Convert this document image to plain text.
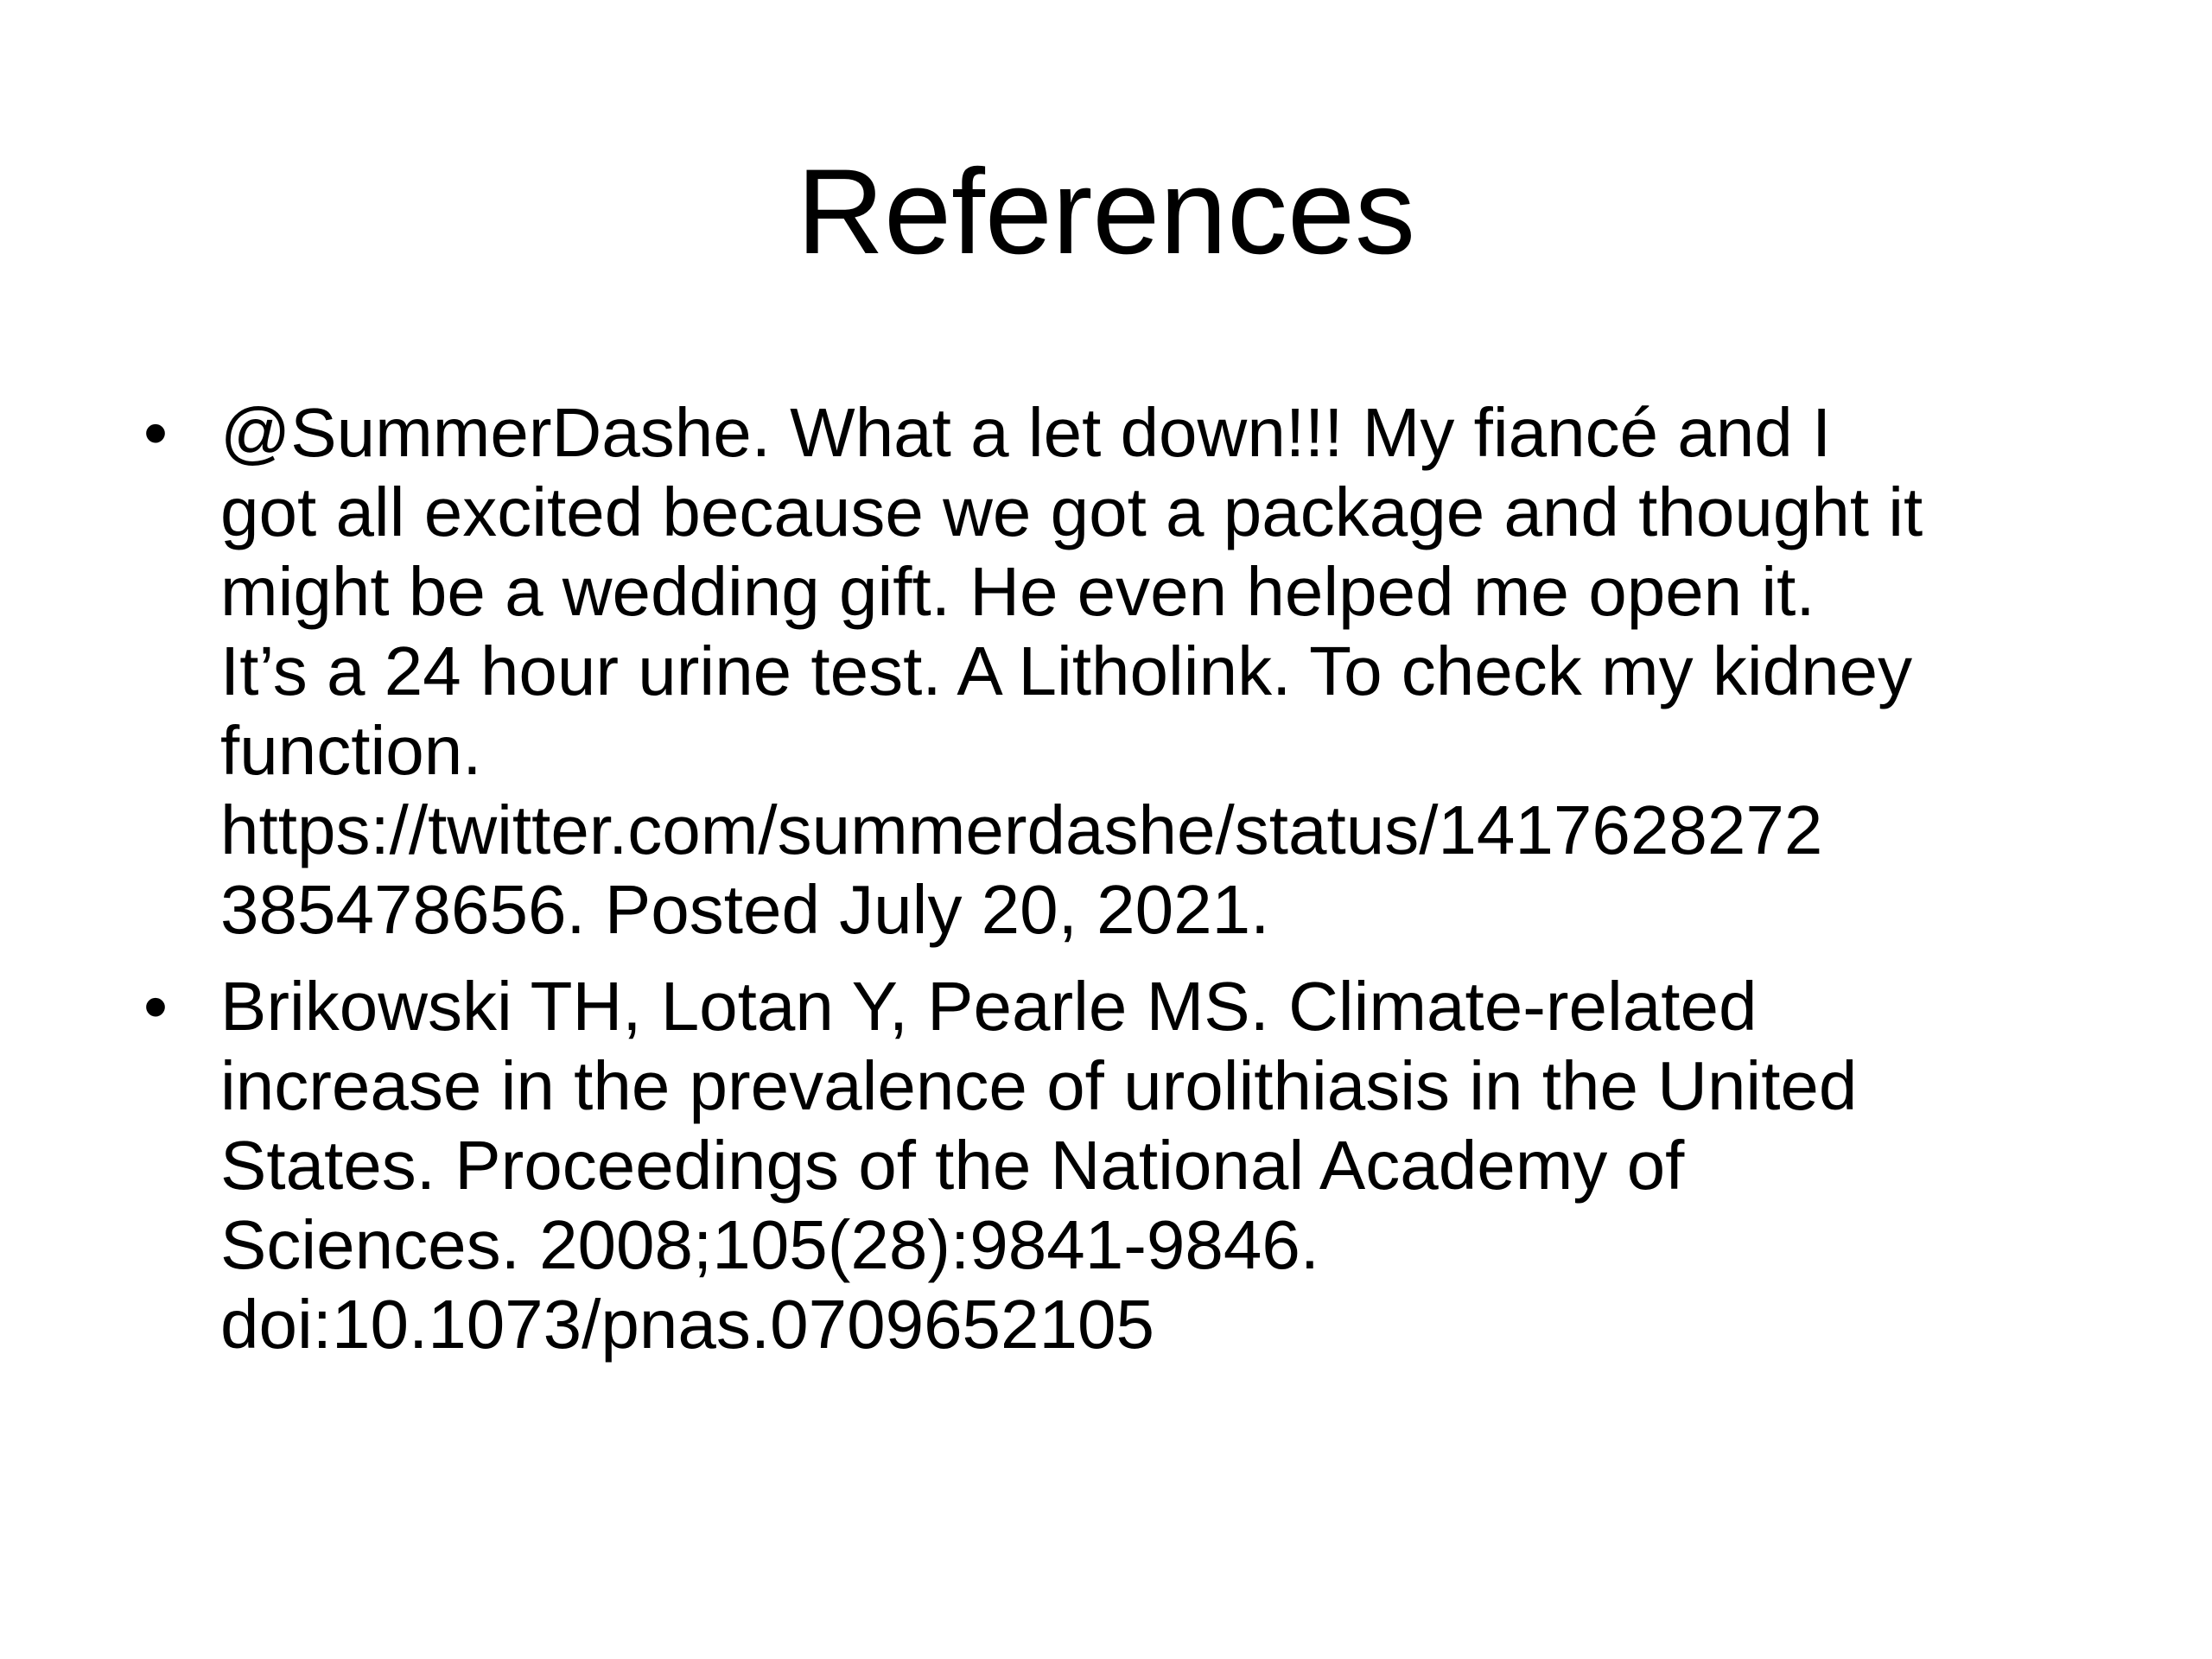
References
• @SummerDashe. What a let down!!! My fiancé and I
got all excited because we got a package and thought it
might be a wedding gift. He even helped me open it.
It’s a 24 hour urine test. A Litholink. To check my kidney
function.
https://twitter.com/summerdashe/status/1417628272
385478656. Posted July 20, 2021.
• Brikowski TH, Lotan Y, Pearle MS. Climate-related
increase in the prevalence of urolithiasis in the United
States. Proceedings of the National Academy of
Sciences. 2008;105(28):9841-9846.
doi:10.1073/pnas.0709652105
